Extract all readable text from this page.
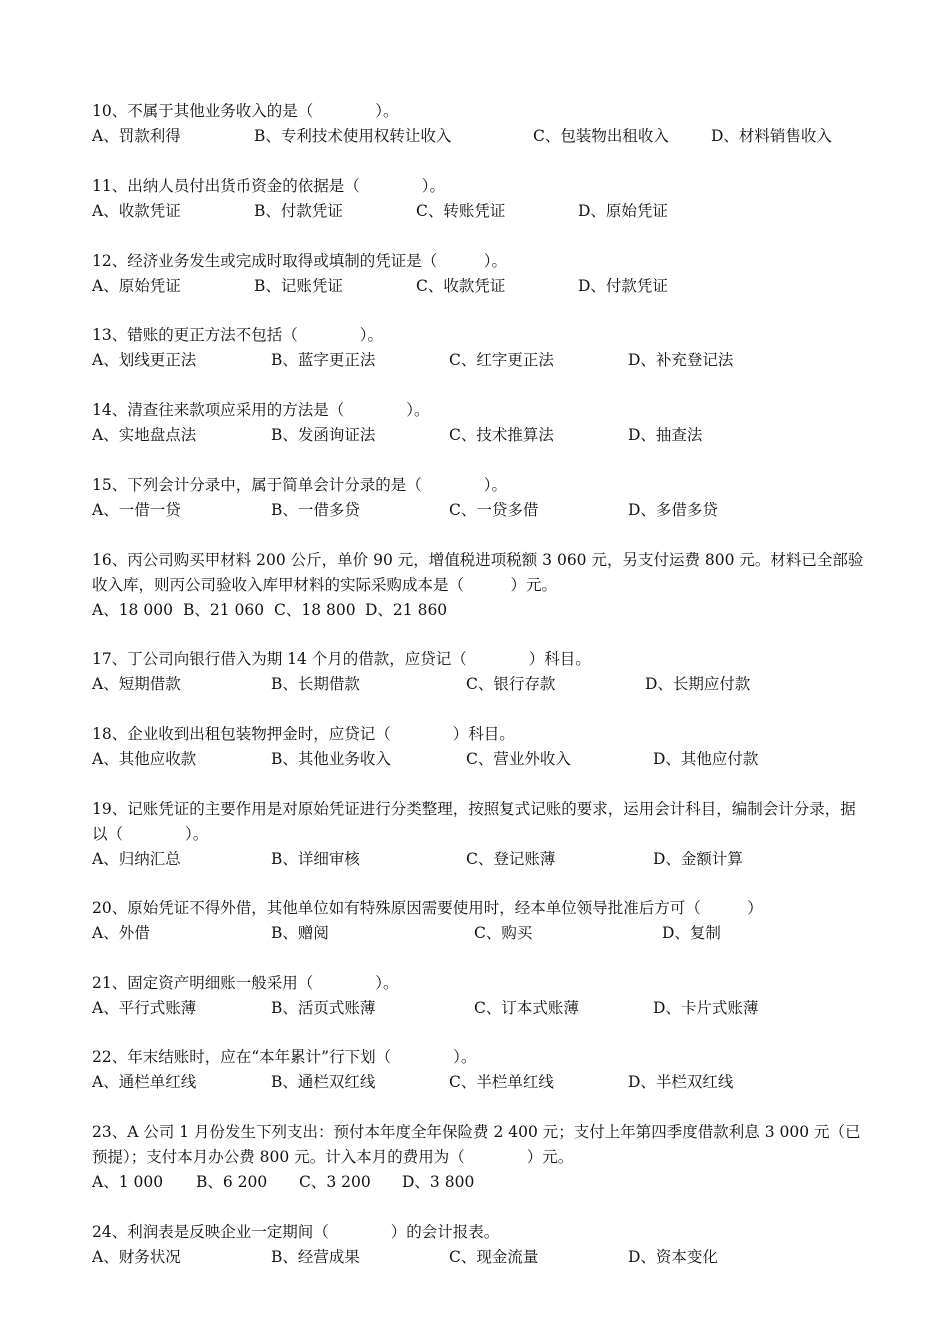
10、不属于其他业务收入的是（　　　　）。
A、罚款利得	B、专利技术使用权转让收入	C、包装物出租收入	D、材料销售收入
11、出纳人员付出货币资金的依据是（　　　　）。
A、收款凭证	B、付款凭证	C、转账凭证	D、原始凭证
12、经济业务发生或完成时取得或填制的凭证是（　　　）。
A、原始凭证	B、记账凭证	C、收款凭证	D、付款凭证
13、错账的更正方法不包括（　　　　）。
A、划线更正法	B、蓝字更正法	C、红字更正法	D、补充登记法
14、清查往来款项应采用的方法是（　　　　）。
A、实地盘点法	B、发函询证法	C、技术推算法	D、抽查法
15、下列会计分录中，属于简单会计分录的是（　　　　）。
A、一借一贷	B、一借多贷	C、一贷多借	D、多借多贷
16、丙公司购买甲材料 200 公斤，单价 90 元，增值税进项税额 3 060 元，另支付运费 800 元。材料已全部验收入库，则丙公司验收入库甲材料的实际采购成本是（　　　）元。
A、18 000 B、21 060 C、18 800 D、21 860
17、丁公司向银行借入为期 14 个月的借款，应贷记（　　　　）科目。
A、短期借款	B、长期借款	C、银行存款	D、长期应付款
18、企业收到出租包装物押金时，应贷记（　　　　）科目。
A、其他应收款	B、其他业务收入	C、营业外收入	D、其他应付款
19、记账凭证的主要作用是对原始凭证进行分类整理，按照复式记账的要求，运用会计科目，编制会计分录，据以（　　　　）。
A、归纳汇总	B、详细审核	C、登记账薄	D、金额计算
20、原始凭证不得外借，其他单位如有特殊原因需要使用时，经本单位领导批准后方可（　　　）
A、外借	B、赠阅	C、购买	D、复制
21、固定资产明细账一般采用（　　　　）。
A、平行式账薄	B、活页式账薄	C、订本式账薄	D、卡片式账薄
22、年末结账时，应在“本年累计”行下划（　　　　）。
A、通栏单红线	B、通栏双红线	C、半栏单红线	D、半栏双红线
23、A 公司 1 月份发生下列支出：预付本年度全年保险费 2 400 元；支付上年第四季度借款利息 3 000 元（已预提）；支付本月办公费 800 元。计入本月的费用为（　　　　）元。
A、1 000 B、6 200 C、3 200 D、3 800
24、利润表是反映企业一定期间（　　　　）的会计报表。
A、财务状况	B、经营成果	C、现金流量	D、资本变化
